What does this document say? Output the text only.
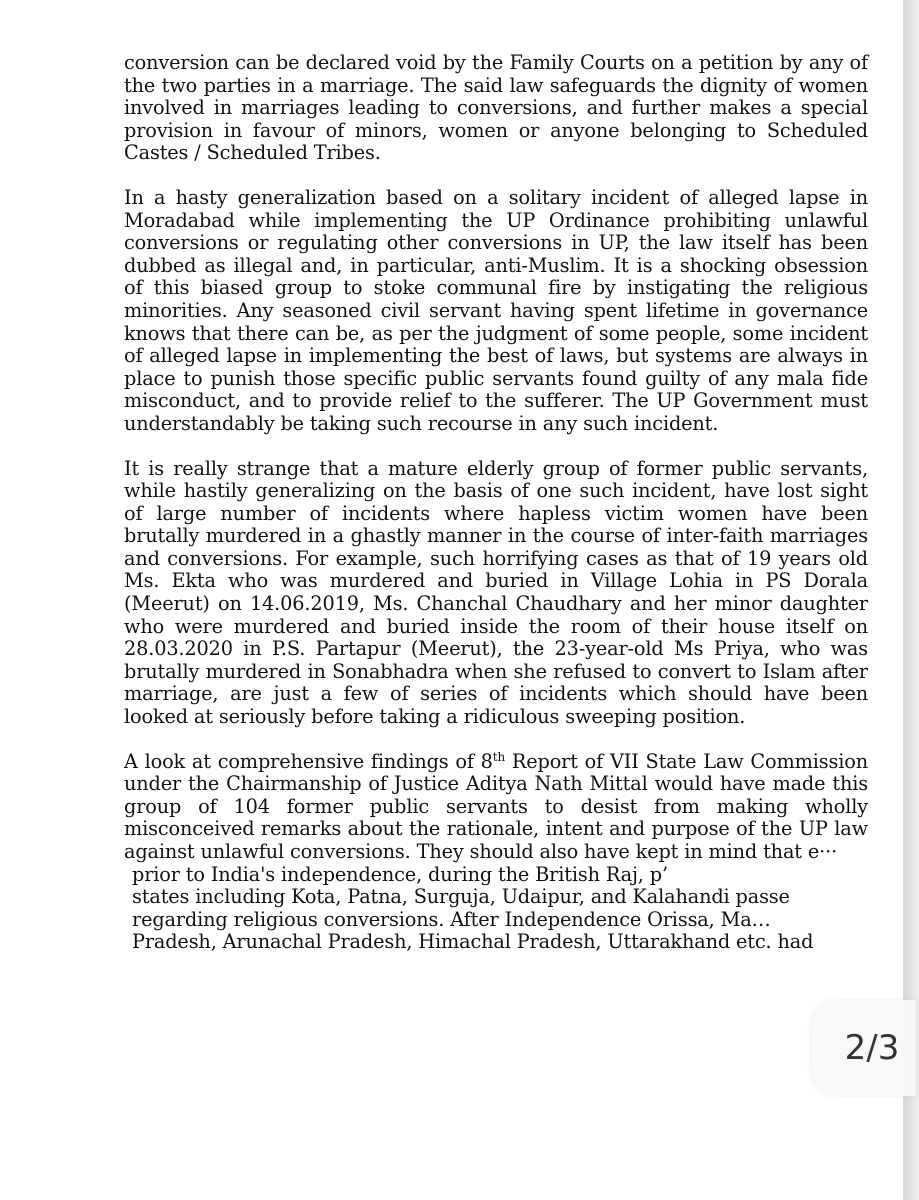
conversion can be declared void by the Family Courts on a petition by any of the two parties in a marriage. The said law safeguards the dignity of women involved in marriages leading to conversions, and further makes a special provision in favour of minors, women or anyone belonging to Scheduled Castes / Scheduled Tribes.

In a hasty generalization based on a solitary incident of alleged lapse in Moradabad while implementing the UP Ordinance prohibiting unlawful conversions or regulating other conversions in UP, the law itself has been dubbed as illegal and, in particular, anti-Muslim. It is a shocking obsession of this biased group to stoke communal fire by instigating the religious minorities. Any seasoned civil servant having spent lifetime in governance knows that there can be, as per the judgment of some people, some incident of alleged lapse in implementing the best of laws, but systems are always in place to punish those specific public servants found guilty of any mala fide misconduct, and to provide relief to the sufferer. The UP Government must understandably be taking such recourse in any such incident.

It is really strange that a mature elderly group of former public servants, while hastily generalizing on the basis of one such incident, have lost sight of large number of incidents where hapless victim women have been brutally murdered in a ghastly manner in the course of inter-faith marriages and conversions. For example, such horrifying cases as that of 19 years old Ms. Ekta who was murdered and buried in Village Lohia in PS Dorala (Meerut) on 14.06.2019, Ms. Chanchal Chaudhary and her minor daughter who were murdered and buried inside the room of their house itself on 28.03.2020 in P.S. Partapur (Meerut), the 23-year-old Ms Priya, who was brutally murdered in Sonabhadra when she refused to convert to Islam after marriage, are just a few of series of incidents which should have been looked at seriously before taking a ridiculous sweeping position.

A look at comprehensive findings of 8th Report of VII State Law Commission under the Chairmanship of Justice Aditya Nath Mittal would have made this group of 104 former public servants to desist from making wholly misconceived remarks about the rationale, intent and purpose of the UP law against unlawful conversions. They should also have kept in mind that e···
prior to India's independence, during the British Raj, p’
states including Kota, Patna, Surguja, Udaipur, and Kalahandi passe
regarding religious conversions. After Independence Orissa, Ma…
Pradesh, Arunachal Pradesh, Himachal Pradesh, Uttarakhand etc. had
2/3
